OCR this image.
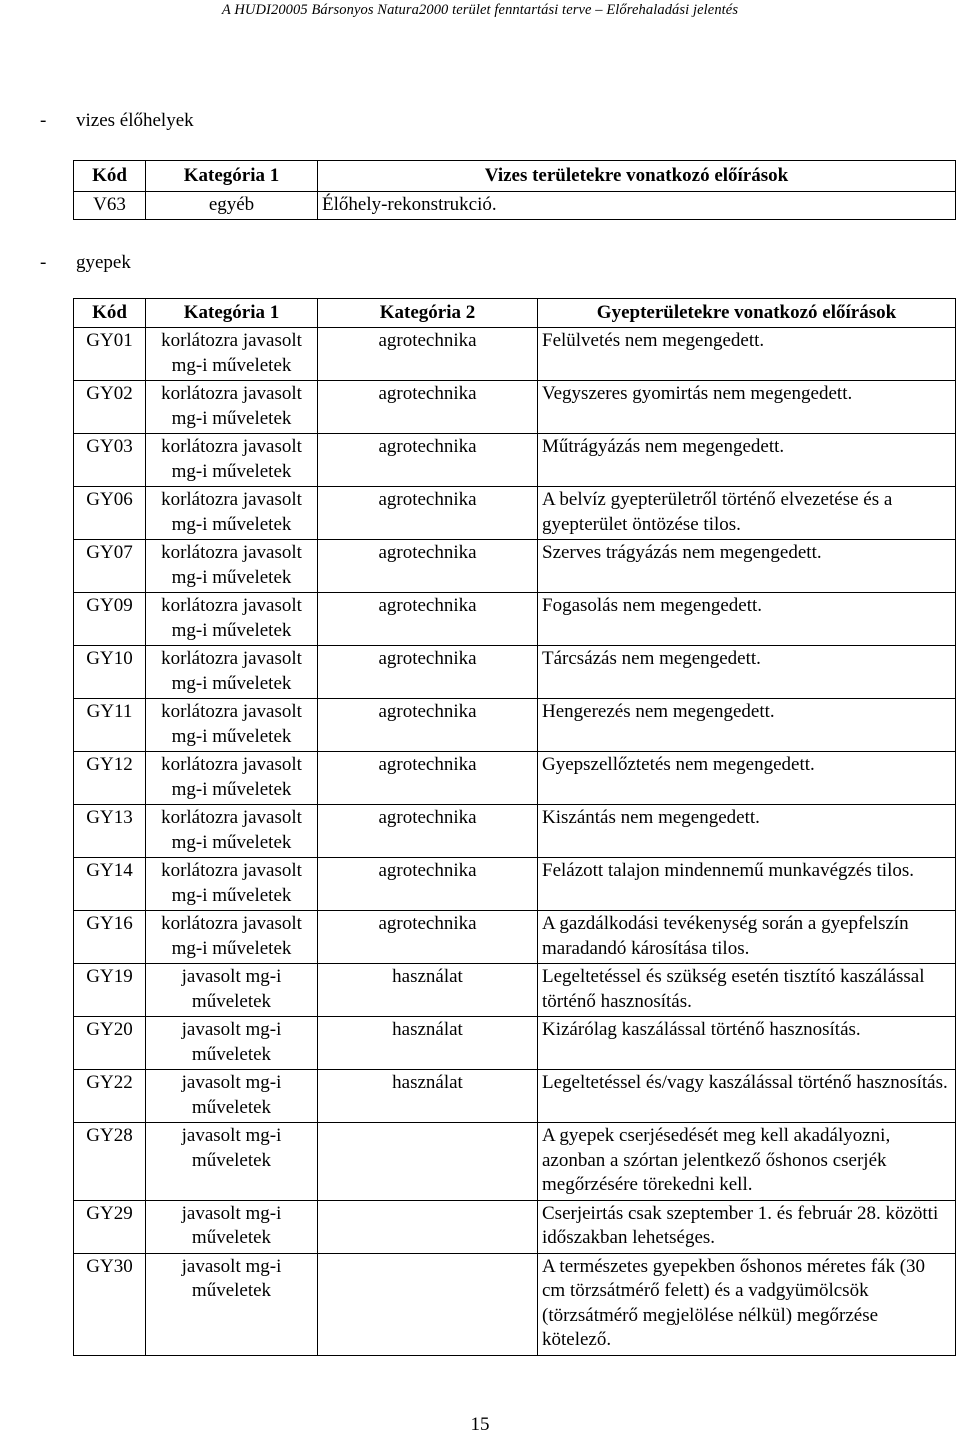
A HUDI20005 Bársonyos Natura2000 terület fenntartási terve – Előrehaladási jelentés
- vizes élőhelyek
Kód	Kategória 1	Vizes területekre vonatkozó előírások
V63	egyéb	Élőhely-rekonstrukció.
- gyepek
Kód	Kategória 1	Kategória 2	Gyepterületekre vonatkozó előírások
GY01	korlátozra javasolt mg-i műveletek	agrotechnika	Felülvetés nem megengedett.
GY02	korlátozra javasolt mg-i műveletek	agrotechnika	Vegyszeres gyomirtás nem megengedett.
GY03	korlátozra javasolt mg-i műveletek	agrotechnika	Műtrágyázás nem megengedett.
GY06	korlátozra javasolt mg-i műveletek	agrotechnika	A belvíz gyepterületről történő elvezetése és a gyepterület öntözése tilos.
GY07	korlátozra javasolt mg-i műveletek	agrotechnika	Szerves trágyázás nem megengedett.
GY09	korlátozra javasolt mg-i műveletek	agrotechnika	Fogasolás nem megengedett.
GY10	korlátozra javasolt mg-i műveletek	agrotechnika	Tárcsázás nem megengedett.
GY11	korlátozra javasolt mg-i műveletek	agrotechnika	Hengerezés nem megengedett.
GY12	korlátozra javasolt mg-i műveletek	agrotechnika	Gyepszellőztetés nem megengedett.
GY13	korlátozra javasolt mg-i műveletek	agrotechnika	Kiszántás nem megengedett.
GY14	korlátozra javasolt mg-i műveletek	agrotechnika	Felázott talajon mindennemű munkavégzés tilos.
GY16	korlátozra javasolt mg-i műveletek	agrotechnika	A gazdálkodási tevékenység során a gyepfelszín maradandó károsítása tilos.
GY19	javasolt mg-i műveletek	használat	Legeltetéssel és szükség esetén tisztító kaszálással történő hasznosítás.
GY20	javasolt mg-i műveletek	használat	Kizárólag kaszálással történő hasznosítás.
GY22	javasolt mg-i műveletek	használat	Legeltetéssel és/vagy kaszálással történő hasznosítás.
GY28	javasolt mg-i műveletek		A gyepek cserjésedését meg kell akadályozni, azonban a szórtan jelentkező őshonos cserjék megőrzésére törekedni kell.
GY29	javasolt mg-i műveletek		Cserjeirtás csak szeptember 1. és február 28. közötti időszakban lehetséges.
GY30	javasolt mg-i műveletek		A természetes gyepekben őshonos méretes fák (30 cm törzsátmérő felett) és a vadgyümölcsök (törzsátmérő megjelölése nélkül) megőrzése kötelező.
15
